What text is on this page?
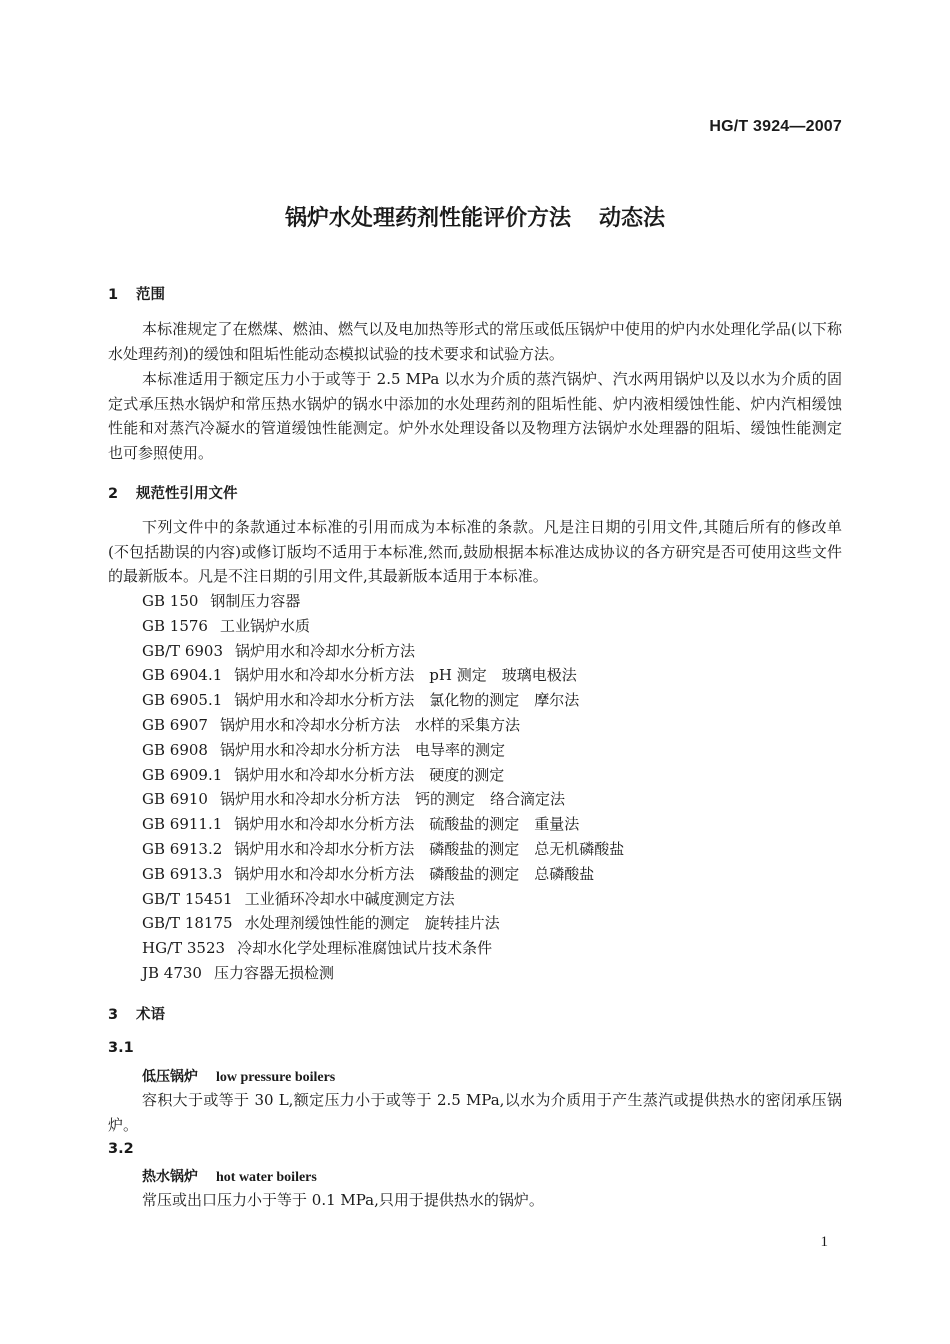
HG/T 3924—2007
锅炉水处理药剂性能评价方法 动态法
1 范围

本标准规定了在燃煤、燃油、燃气以及电加热等形式的常压或低压锅炉中使用的炉内水处理化学品(以下称水处理药剂)的缓蚀和阻垢性能动态模拟试验的技术要求和试验方法。

本标准适用于额定压力小于或等于 2.5 MPa 以水为介质的蒸汽锅炉、汽水两用锅炉以及以水为介质的固定式承压热水锅炉和常压热水锅炉的锅水中添加的水处理药剂的阻垢性能、炉内液相缓蚀性能、炉内汽相缓蚀性能和对蒸汽冷凝水的管道缓蚀性能测定。炉外水处理设备以及物理方法锅炉水处理器的阻垢、缓蚀性能测定也可参照使用。

2 规范性引用文件

下列文件中的条款通过本标准的引用而成为本标准的条款。凡是注日期的引用文件,其随后所有的修改单(不包括勘误的内容)或修订版均不适用于本标准,然而,鼓励根据本标准达成协议的各方研究是否可使用这些文件的最新版本。凡是不注日期的引用文件,其最新版本适用于本标准。

GB 150 钢制压力容器
GB 1576 工业锅炉水质
GB/T 6903 锅炉用水和冷却水分析方法
GB 6904.1 锅炉用水和冷却水分析方法　pH 测定　玻璃电极法
GB 6905.1 锅炉用水和冷却水分析方法　氯化物的测定　摩尔法
GB 6907 锅炉用水和冷却水分析方法　水样的采集方法
GB 6908 锅炉用水和冷却水分析方法　电导率的测定
GB 6909.1 锅炉用水和冷却水分析方法　硬度的测定
GB 6910 锅炉用水和冷却水分析方法　钙的测定　络合滴定法
GB 6911.1 锅炉用水和冷却水分析方法　硫酸盐的测定　重量法
GB 6913.2 锅炉用水和冷却水分析方法　磷酸盐的测定　总无机磷酸盐
GB 6913.3 锅炉用水和冷却水分析方法　磷酸盐的测定　总磷酸盐
GB/T 15451 工业循环冷却水中碱度测定方法
GB/T 18175 水处理剂缓蚀性能的测定　旋转挂片法
HG/T 3523 冷却水化学处理标准腐蚀试片技术条件
JB 4730 压力容器无损检测
3 术语
3.1
低压锅炉 low pressure boilers

容积大于或等于 30 L,额定压力小于或等于 2.5 MPa,以水为介质用于产生蒸汽或提供热水的密闭承压锅炉。

3.2
热水锅炉 hot water boilers

常压或出口压力小于等于 0.1 MPa,只用于提供热水的锅炉。

1
